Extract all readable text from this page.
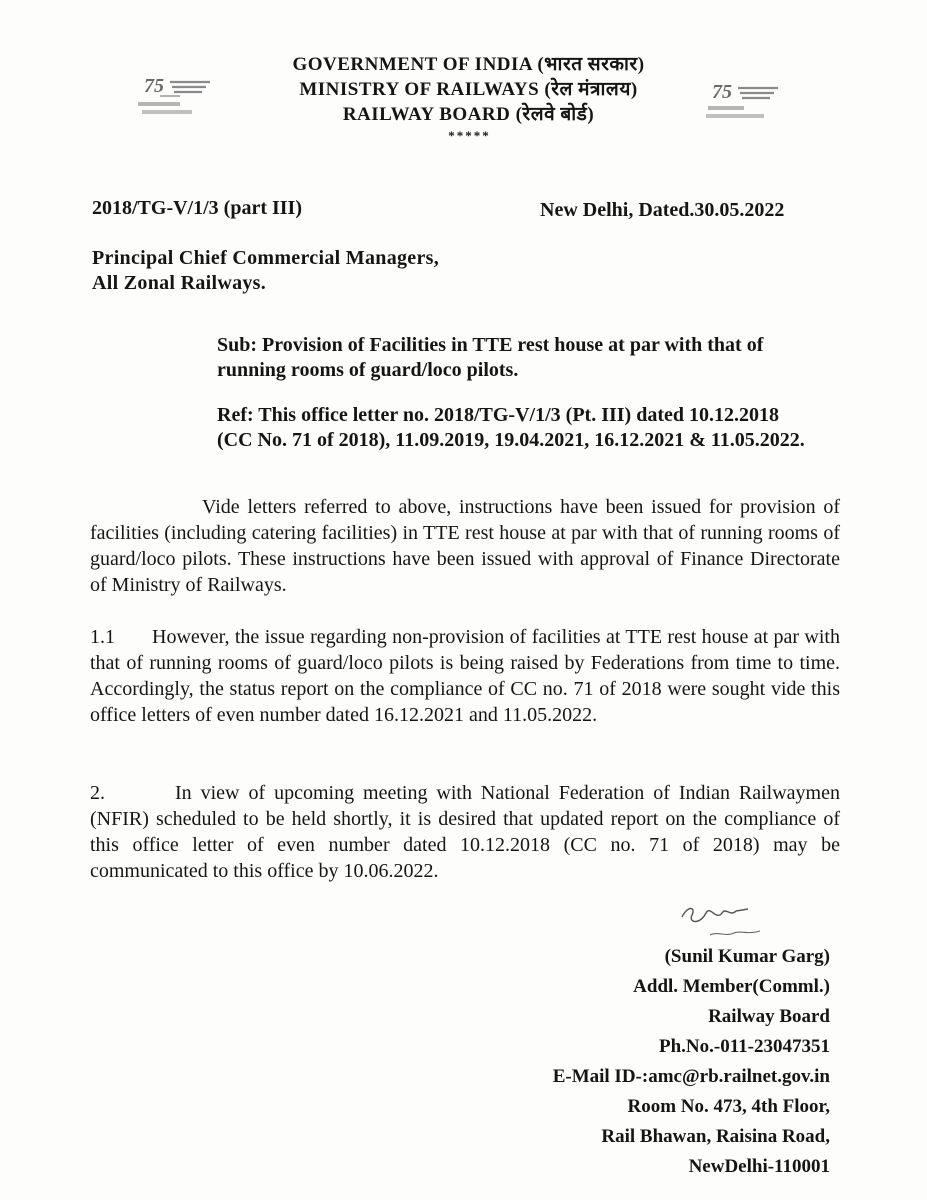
75	75
GOVERNMENT OF INDIA (भारत सरकार)
MINISTRY OF RAILWAYS (रेल मंत्रालय)
RAILWAY BOARD (रेलवे बोर्ड)
*****
2018/TG-V/1/3 (part III)	New Delhi, Dated.30.05.2022
Principal Chief Commercial Managers,
All Zonal Railways.
Sub: Provision of Facilities in TTE rest house at par with that of running rooms of guard/loco pilots.
Ref: This office letter no. 2018/TG-V/1/3 (Pt. III) dated 10.12.2018 (CC No. 71 of 2018), 11.09.2019, 19.04.2021, 16.12.2021 & 11.05.2022.
Vide letters referred to above, instructions have been issued for provision of facilities (including catering facilities) in TTE rest house at par with that of running rooms of guard/loco pilots. These instructions have been issued with approval of Finance Directorate of Ministry of Railways.
1.1 However, the issue regarding non-provision of facilities at TTE rest house at par with that of running rooms of guard/loco pilots is being raised by Federations from time to time. Accordingly, the status report on the compliance of CC no. 71 of 2018 were sought vide this office letters of even number dated 16.12.2021 and 11.05.2022.
2.	In view of upcoming meeting with National Federation of Indian Railwaymen (NFIR) scheduled to be held shortly, it is desired that updated report on the compliance of this office letter of even number dated 10.12.2018 (CC no. 71 of 2018) may be communicated to this office by 10.06.2022.
(Sunil Kumar Garg)
Addl. Member(Comml.)
Railway Board
Ph.No.-011-23047351
E-Mail ID-:amc@rb.railnet.gov.in
Room No. 473, 4th Floor,
Rail Bhawan, Raisina Road,
NewDelhi-110001
